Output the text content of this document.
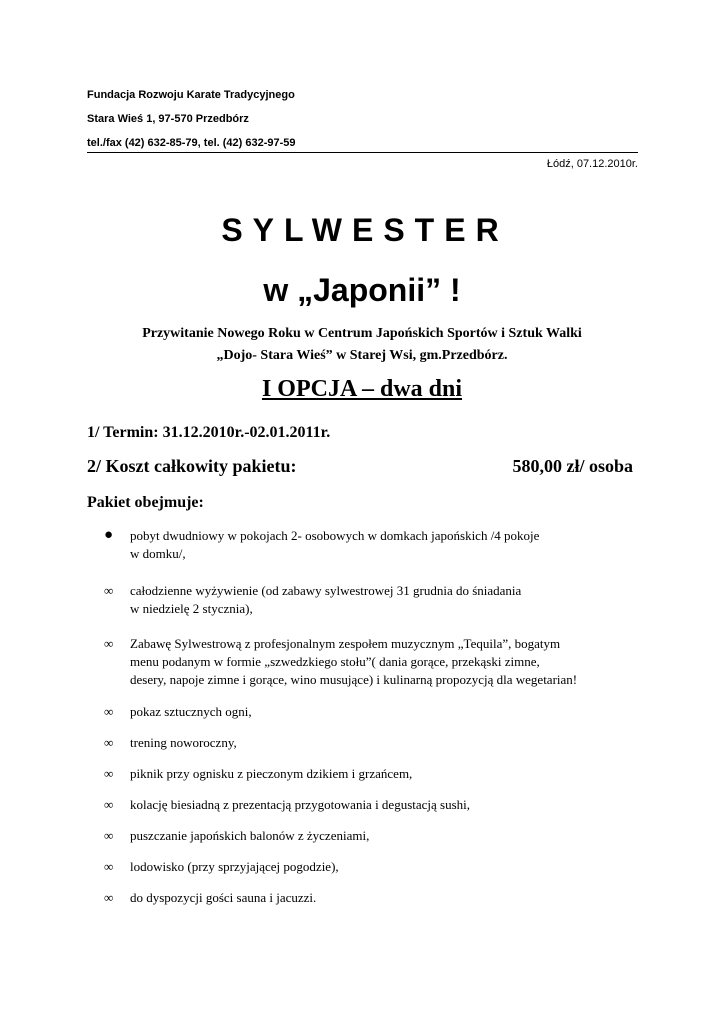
Fundacja Rozwoju Karate Tradycyjnego
Stara Wieś 1, 97-570 Przedbórz
tel./fax (42) 632-85-79, tel. (42) 632-97-59
Łódź, 07.12.2010r.
SYLWESTER
w „Japonii” !
Przywitanie Nowego Roku w Centrum Japońskich Sportów i Sztuk Walki
„Dojo- Stara Wieś” w Starej Wsi, gm.Przedbórz.
I OPCJA – dwa dni
1/ Termin: 31.12.2010r.-02.01.2011r.
2/ Koszt całkowity pakietu:	580,00 zł/ osoba
Pakiet obejmuje:
●	pobyt dwudniowy w pokojach 2- osobowych w domkach japońskich /4 pokoje
w domku/,
∞	całodzienne wyżywienie (od zabawy sylwestrowej 31 grudnia do śniadania
w niedzielę 2 stycznia),
∞	Zabawę Sylwestrową z profesjonalnym zespołem muzycznym „Tequila”, bogatym
menu podanym w formie „szwedzkiego stołu”( dania gorące, przekąski zimne,
desery, napoje zimne i gorące, wino musujące) i kulinarną propozycją dla wegetarian!
∞	pokaz sztucznych ogni,
∞	trening noworoczny,
∞	piknik przy ognisku z pieczonym dzikiem i grzańcem,
∞	kolację biesiadną z prezentacją przygotowania i degustacją sushi,
∞	puszczanie japońskich balonów z życzeniami,
∞	lodowisko (przy sprzyjającej pogodzie),
∞	do dyspozycji gości sauna i jacuzzi.
